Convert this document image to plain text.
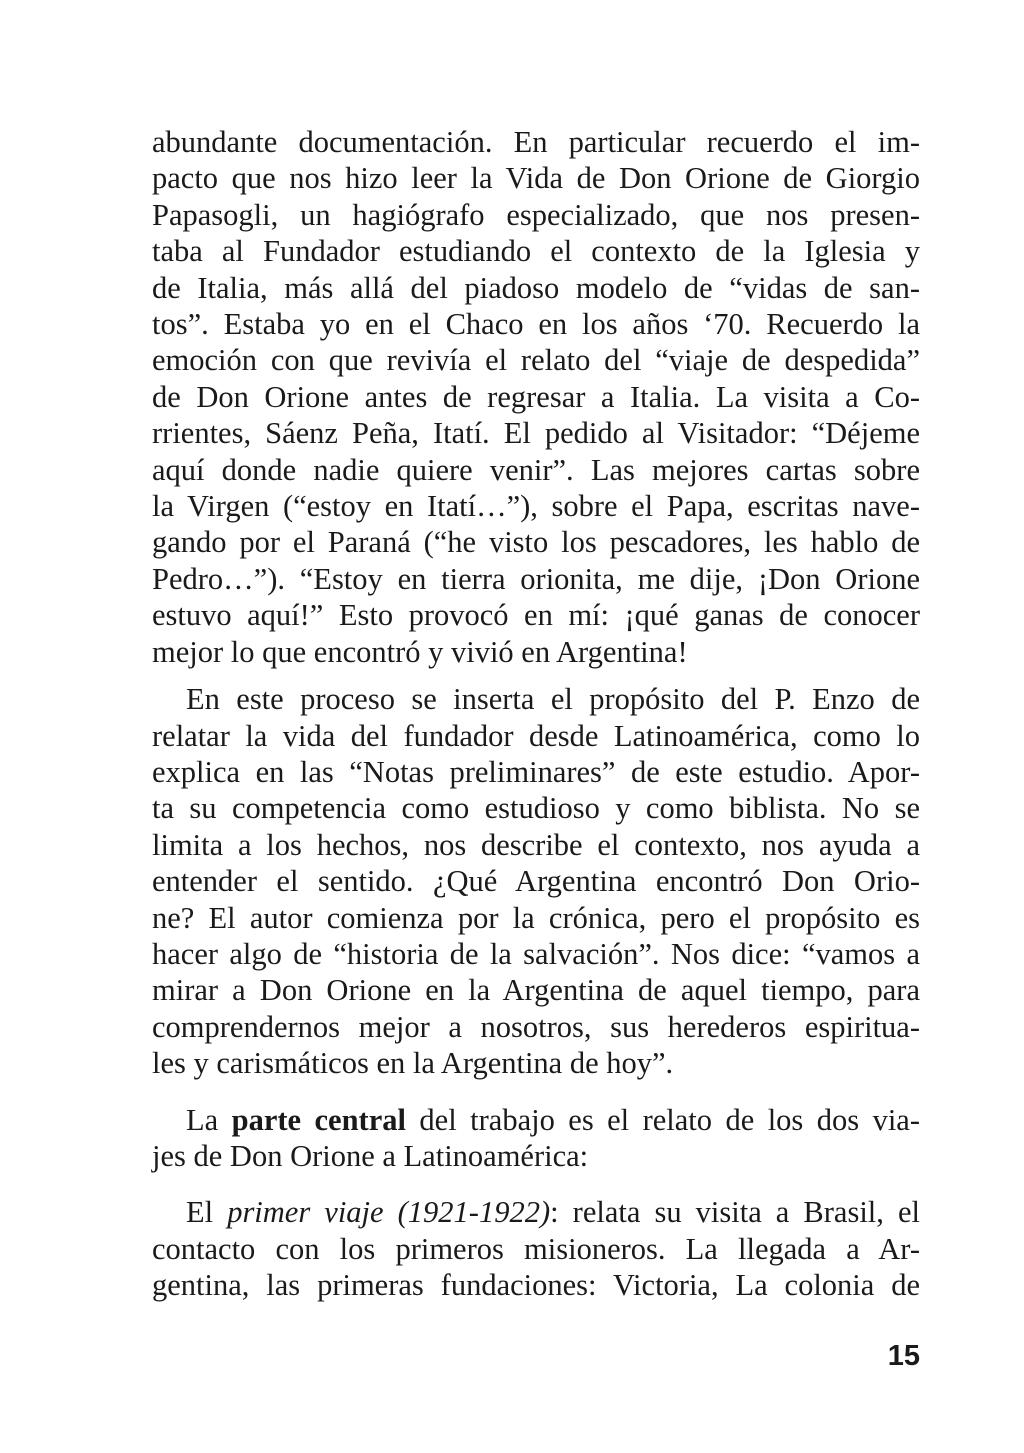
abundante documentación. En particular recuerdo el im-
pacto que nos hizo leer la Vida de Don Orione de Giorgio
Papasogli, un hagiógrafo especializado, que nos presen-
taba al Fundador estudiando el contexto de la Iglesia y
de Italia, más allá del piadoso modelo de “vidas de san-
tos”. Estaba yo en el Chaco en los años ‘70. Recuerdo la
emoción con que revivía el relato del “viaje de despedida”
de Don Orione antes de regresar a Italia. La visita a Co-
rrientes, Sáenz Peña, Itatí. El pedido al Visitador: “Déjeme
aquí donde nadie quiere venir”. Las mejores cartas sobre
la Virgen (“estoy en Itatí…”), sobre el Papa, escritas nave-
gando por el Paraná (“he visto los pescadores, les hablo de
Pedro…”). “Estoy en tierra orionita, me dije, ¡Don Orione
estuvo aquí!” Esto provocó en mí: ¡qué ganas de conocer
mejor lo que encontró y vivió en Argentina!
En este proceso se inserta el propósito del P. Enzo de
relatar la vida del fundador desde Latinoamérica, como lo
explica en las “Notas preliminares” de este estudio. Apor-
ta su competencia como estudioso y como biblista. No se
limita a los hechos, nos describe el contexto, nos ayuda a
entender el sentido. ¿Qué Argentina encontró Don Orio-
ne? El autor comienza por la crónica, pero el propósito es
hacer algo de “historia de la salvación”. Nos dice: “vamos a
mirar a Don Orione en la Argentina de aquel tiempo, para
comprendernos mejor a nosotros, sus herederos espiritua-
les y carismáticos en la Argentina de hoy”.
La parte central del trabajo es el relato de los dos via-
jes de Don Orione a Latinoamérica:
El primer viaje (1921-1922): relata su visita a Brasil, el
contacto con los primeros misioneros. La llegada a Ar-
gentina, las primeras fundaciones: Victoria, La colonia de
15
